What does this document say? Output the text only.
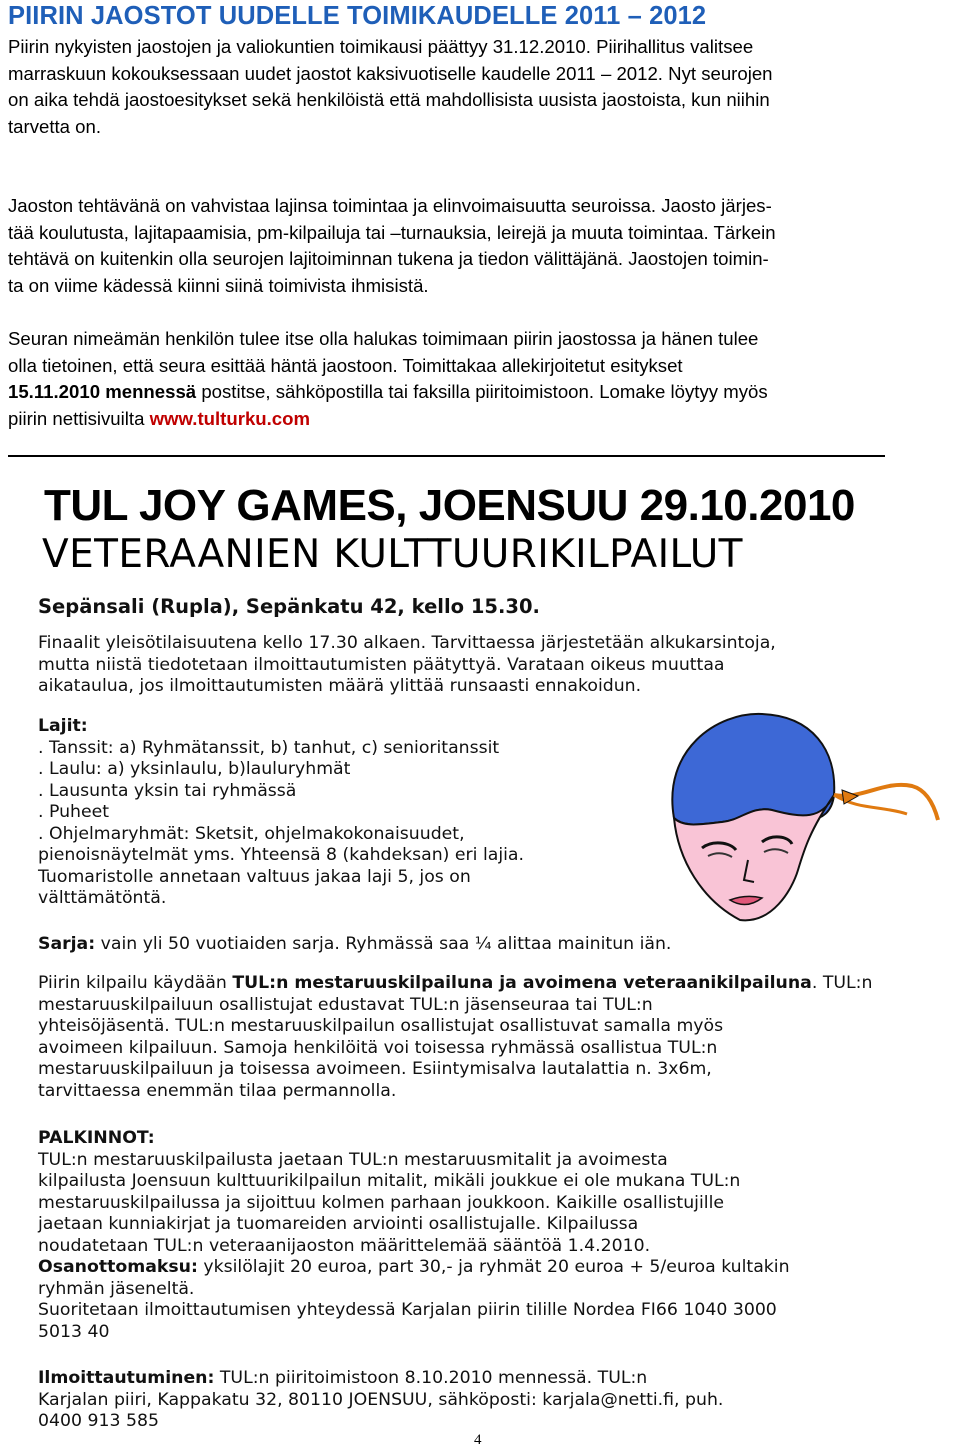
PIIRIN JAOSTOT UUDELLE TOIMIKAUDELLE 2011 – 2012
Piirin nykyisten jaostojen ja valiokuntien toimikausi päättyy 31.12.2010. Piirihallitus valitsee
marraskuun kokouksessaan uudet jaostot kaksivuotiselle kaudelle 2011 – 2012. Nyt seurojen
on aika tehdä jaostoesitykset sekä henkilöistä että mahdollisista uusista jaostoista, kun niihin
tarvetta on.
Jaoston tehtävänä on vahvistaa lajinsa toimintaa ja elinvoimaisuutta seuroissa. Jaosto järjes-
tää koulutusta, lajitapaamisia, pm-kilpailuja tai –turnauksia, leirejä ja muuta toimintaa. Tärkein
tehtävä on kuitenkin olla seurojen lajitoiminnan tukena ja tiedon välittäjänä. Jaostojen toimin-
ta on viime kädessä kiinni siinä toimivista ihmisistä.
Seuran nimeämän henkilön tulee itse olla halukas toimimaan piirin jaostossa ja hänen tulee
olla tietoinen, että seura esittää häntä jaostoon. Toimittakaa allekirjoitetut esitykset
15.11.2010 mennessä postitse, sähköpostilla tai faksilla piiritoimistoon. Lomake löytyy myös
piirin nettisivuilta www.tulturku.com
TUL JOY GAMES, JOENSUU 29.10.2010
VETERAANIEN KULTTUURIKILPAILUT
Sepänsali (Rupla), Sepänkatu 42, kello 15.30.
Finaalit yleisötilaisuutena kello 17.30 alkaen. Tarvittaessa järjestetään alkukarsintoja,
mutta niistä tiedotetaan ilmoittautumisten päätyttyä. Varataan oikeus muuttaa
aikataulua, jos ilmoittautumisten määrä ylittää runsaasti ennakoidun.
Lajit:
. Tanssit: a) Ryhmätanssit, b) tanhut, c) senioritanssit
. Laulu: a) yksinlaulu, b)lauluryhmät
. Lausunta yksin tai ryhmässä
. Puheet
. Ohjelmaryhmät: Sketsit, ohjelmakokonaisuudet,
pienoisnäytelmät yms. Yhteensä 8 (kahdeksan) eri lajia.
Tuomaristolle annetaan valtuus jakaa laji 5, jos on
välttämätöntä.
Sarja: vain yli 50 vuotiaiden sarja. Ryhmässä saa ¼ alittaa mainitun iän.
Piirin kilpailu käydään TUL:n mestaruuskilpailuna ja avoimena veteraanikilpailuna. TUL:n
mestaruuskilpailuun osallistujat edustavat TUL:n jäsenseuraa tai TUL:n
yhteisöjäsentä. TUL:n mestaruuskilpailun osallistujat osallistuvat samalla myös
avoimeen kilpailuun. Samoja henkilöitä voi toisessa ryhmässä osallistua TUL:n
mestaruuskilpailuun ja toisessa avoimeen. Esiintymisalva lautalattia n. 3x6m,
tarvittaessa enemmän tilaa permannolla.
PALKINNOT:
TUL:n mestaruuskilpailusta jaetaan TUL:n mestaruusmitalit ja avoimesta
kilpailusta Joensuun kulttuurikilpailun mitalit, mikäli joukkue ei ole mukana TUL:n
mestaruuskilpailussa ja sijoittuu kolmen parhaan joukkoon. Kaikille osallistujille
jaetaan kunniakirjat ja tuomareiden arviointi osallistujalle. Kilpailussa
noudatetaan TUL:n veteraanijaoston määrittelemää sääntöä 1.4.2010.
Osanottomaksu: yksilölajit 20 euroa, part 30,- ja ryhmät 20 euroa + 5/euroa kultakin
ryhmän jäseneltä.
Suoritetaan ilmoittautumisen yhteydessä Karjalan piirin tilille Nordea FI66 1040 3000
5013 40
Ilmoittautuminen: TUL:n piiritoimistoon 8.10.2010 mennessä. TUL:n
Karjalan piiri, Kappakatu 32, 80110 JOENSUU, sähköposti: karjala@netti.fi, puh.
0400 913 585
4
